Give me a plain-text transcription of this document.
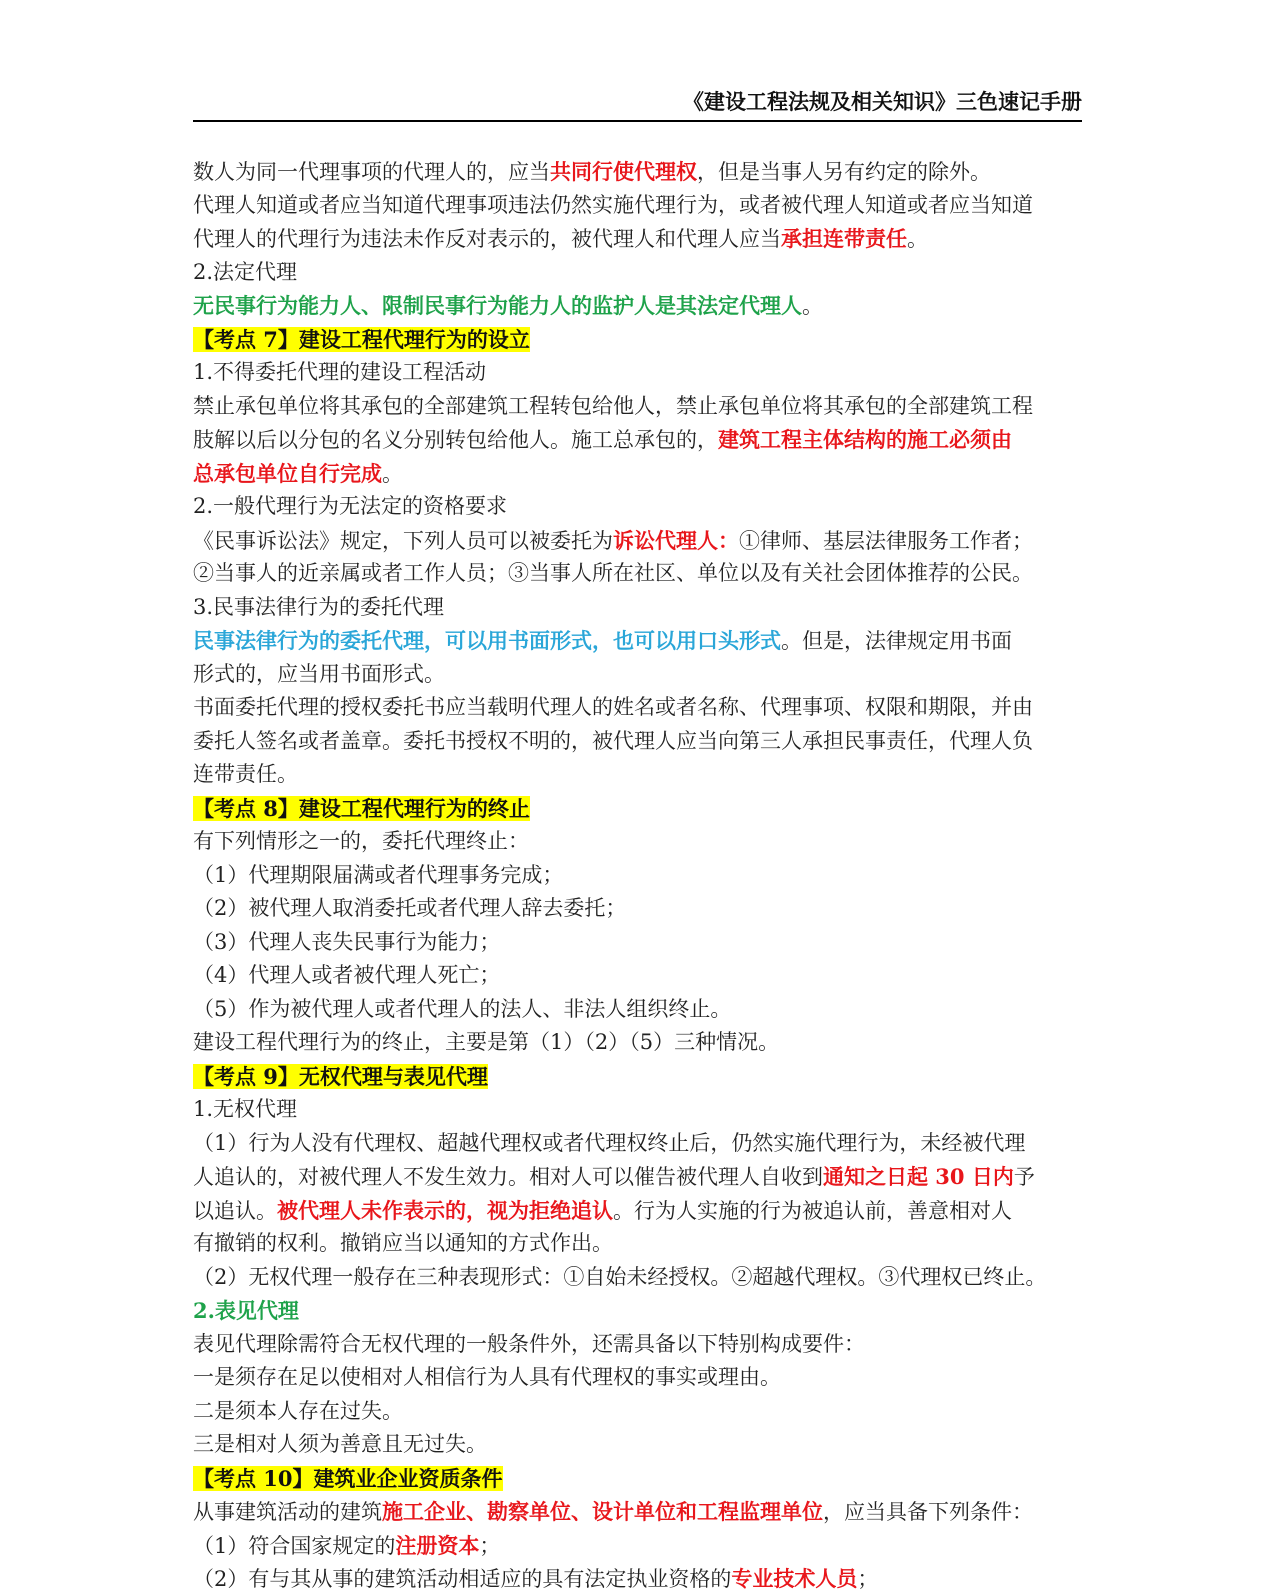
《建设工程法规及相关知识》三色速记手册
数人为同一代理事项的代理人的，应当共同行使代理权，但是当事人另有约定的除外。
代理人知道或者应当知道代理事项违法仍然实施代理行为，或者被代理人知道或者应当知道
代理人的代理行为违法未作反对表示的，被代理人和代理人应当承担连带责任。
2.法定代理
无民事行为能力人、限制民事行为能力人的监护人是其法定代理人。
【考点 7】建设工程代理行为的设立
1.不得委托代理的建设工程活动
禁止承包单位将其承包的全部建筑工程转包给他人，禁止承包单位将其承包的全部建筑工程
肢解以后以分包的名义分别转包给他人。施工总承包的，建筑工程主体结构的施工必须由
总承包单位自行完成。
2.一般代理行为无法定的资格要求
《民事诉讼法》规定，下列人员可以被委托为诉讼代理人：①律师、基层法律服务工作者；
②当事人的近亲属或者工作人员；③当事人所在社区、单位以及有关社会团体推荐的公民。
3.民事法律行为的委托代理
民事法律行为的委托代理，可以用书面形式，也可以用口头形式。但是，法律规定用书面
形式的，应当用书面形式。
书面委托代理的授权委托书应当载明代理人的姓名或者名称、代理事项、权限和期限，并由
委托人签名或者盖章。委托书授权不明的，被代理人应当向第三人承担民事责任，代理人负
连带责任。
【考点 8】建设工程代理行为的终止
有下列情形之一的，委托代理终止：
（1）代理期限届满或者代理事务完成；
（2）被代理人取消委托或者代理人辞去委托；
（3）代理人丧失民事行为能力；
（4）代理人或者被代理人死亡；
（5）作为被代理人或者代理人的法人、非法人组织终止。
建设工程代理行为的终止，主要是第（1）（2）（5）三种情况。
【考点 9】无权代理与表见代理
1.无权代理
（1）行为人没有代理权、超越代理权或者代理权终止后，仍然实施代理行为，未经被代理
人追认的，对被代理人不发生效力。相对人可以催告被代理人自收到通知之日起 30 日内予
以追认。被代理人未作表示的，视为拒绝追认。行为人实施的行为被追认前，善意相对人
有撤销的权利。撤销应当以通知的方式作出。
（2）无权代理一般存在三种表现形式：①自始未经授权。②超越代理权。③代理权已终止。
2.表见代理
表见代理除需符合无权代理的一般条件外，还需具备以下特别构成要件：
一是须存在足以使相对人相信行为人具有代理权的事实或理由。
二是须本人存在过失。
三是相对人须为善意且无过失。
【考点 10】建筑业企业资质条件
从事建筑活动的建筑施工企业、勘察单位、设计单位和工程监理单位，应当具备下列条件：
（1）符合国家规定的注册资本；
（2）有与其从事的建筑活动相适应的具有法定执业资格的专业技术人员；
